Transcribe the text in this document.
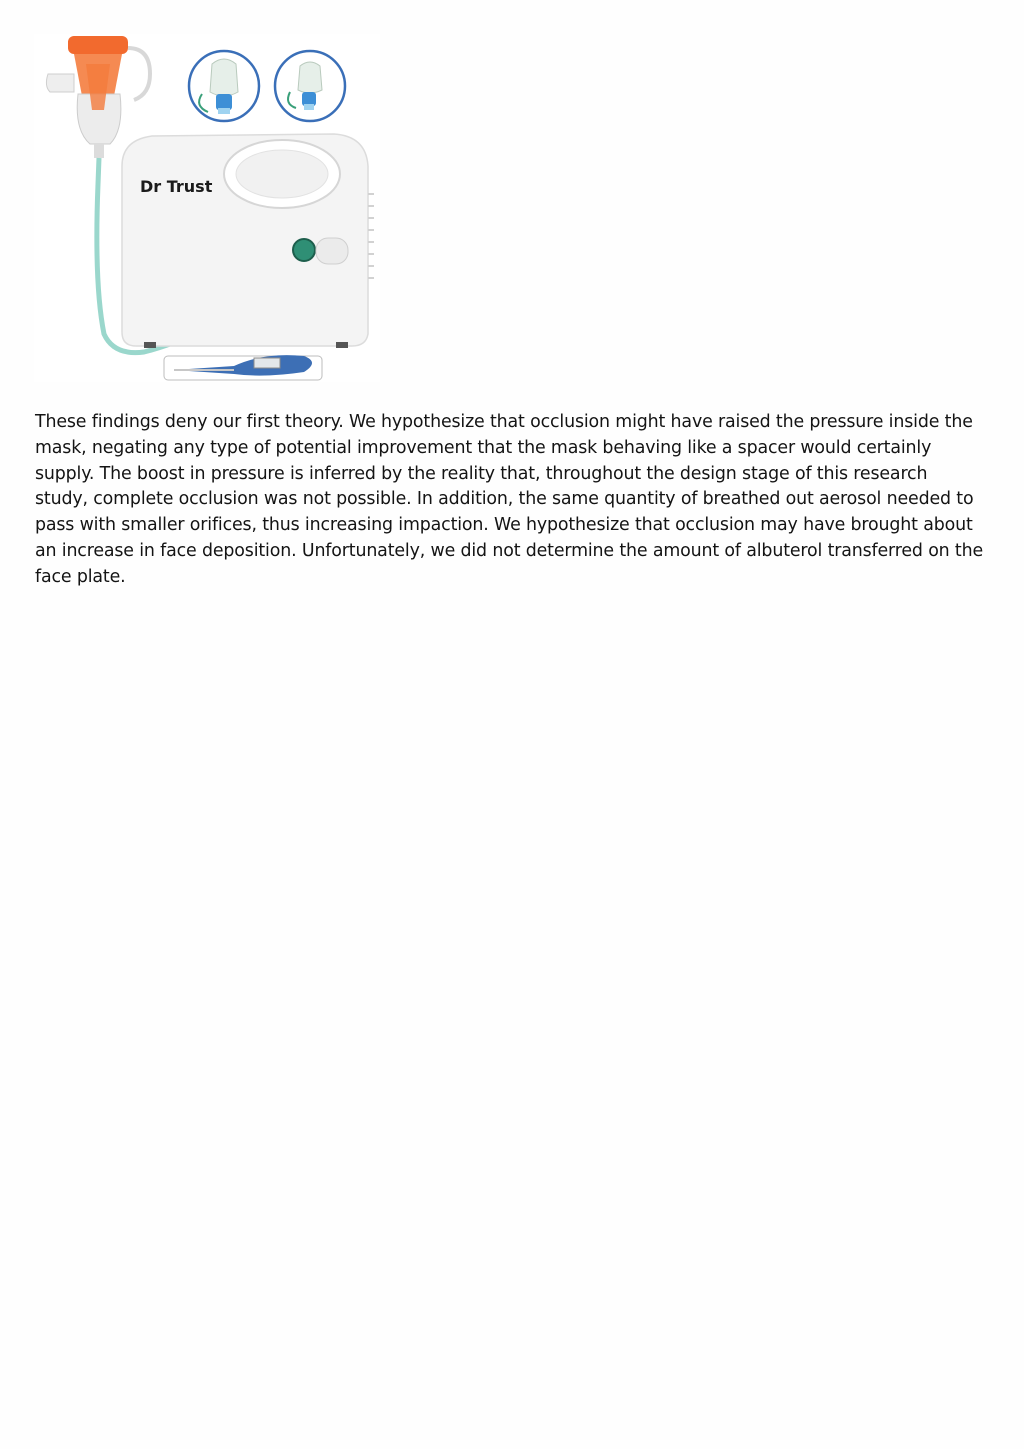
Dr Trust

These findings deny our first theory. We hypothesize that occlusion might have raised the pressure inside the mask, negating any type of potential improvement that the mask behaving like a spacer would certainly supply. The boost in pressure is inferred by the reality that, throughout the design stage of this research study, complete occlusion was not possible. In addition, the same quantity of breathed out aerosol needed to pass with smaller orifices, thus increasing impaction. We hypothesize that occlusion may have brought about an increase in face deposition. Unfortunately, we did not determine the amount of albuterol transferred on the face plate.
